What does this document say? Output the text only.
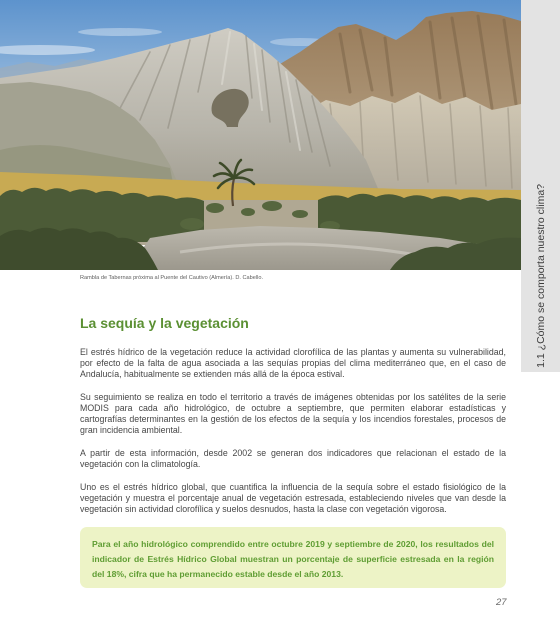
Rambla de Tabernas próxima al Puente del Cautivo (Almería). D. Cabello.	1.1 ¿Cómo se comporta nuestro clima?
La sequía y la vegetación

El estrés hídrico de la vegetación reduce la actividad clorofílica de las plantas y aumenta su vulnerabilidad, por efecto de la falta de agua asociada a las sequías propias del clima mediterráneo que, en el caso de Andalucía, habitualmente se extienden más allá de la época estival.

Su seguimiento se realiza en todo el territorio a través de imágenes obtenidas por los satélites de la serie MODIS para cada año hidrológico, de octubre a septiembre, que permiten elaborar estadísticas y cartografías determinantes en la gestión de los efectos de la sequía y los incendios forestales, procesos de gran incidencia ambiental.

A partir de esta información, desde 2002 se generan dos indicadores que relacionan el estado de la vegetación con la climatología.

Uno es el estrés hídrico global, que cuantifica la influencia de la sequía sobre el estado fisiológico de la vegetación y muestra el porcentaje anual de vegetación estresada, estableciendo niveles que van desde la vegetación sin actividad clorofílica y suelos desnudos, hasta la clase con vegetación vigorosa.

Para el año hidrológico comprendido entre octubre 2019 y septiembre de 2020, los resultados del indicador de Estrés Hídrico Global muestran un porcentaje de superficie estresada en la región del 18%, cifra que ha permanecido estable desde el año 2013.

27
